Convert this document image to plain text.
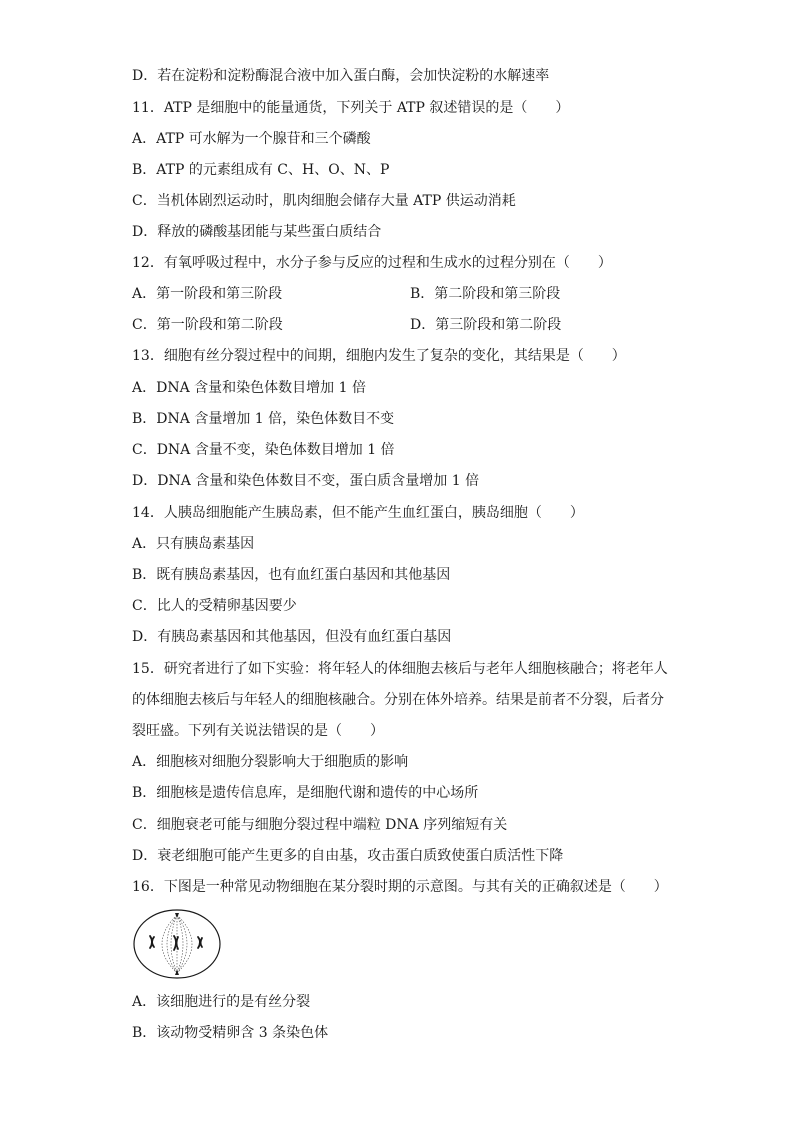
D．若在淀粉和淀粉酶混合液中加入蛋白酶，会加快淀粉的水解速率
11．ATP 是细胞中的能量通货，下列关于 ATP 叙述错误的是（　　）
A．ATP 可水解为一个腺苷和三个磷酸
B．ATP 的元素组成有 C、H、O、N、P
C．当机体剧烈运动时，肌肉细胞会储存大量 ATP 供运动消耗
D．释放的磷酸基团能与某些蛋白质结合
12．有氧呼吸过程中，水分子参与反应的过程和生成水的过程分别在（　　）
A．第一阶段和第三阶段	B．第二阶段和第三阶段
C．第一阶段和第二阶段	D．第三阶段和第二阶段
13．细胞有丝分裂过程中的间期，细胞内发生了复杂的变化，其结果是（　　）
A．DNA 含量和染色体数目增加 1 倍
B．DNA 含量增加 1 倍，染色体数目不变
C．DNA 含量不变，染色体数目增加 1 倍
D．DNA 含量和染色体数目不变，蛋白质含量增加 1 倍
14．人胰岛细胞能产生胰岛素，但不能产生血红蛋白，胰岛细胞（　　）
A．只有胰岛素基因
B．既有胰岛素基因，也有血红蛋白基因和其他基因
C．比人的受精卵基因要少
D．有胰岛素基因和其他基因，但没有血红蛋白基因
15．研究者进行了如下实验：将年轻人的体细胞去核后与老年人细胞核融合；将老年人
的体细胞去核后与年轻人的细胞核融合。分别在体外培养。结果是前者不分裂，后者分
裂旺盛。下列有关说法错误的是（　　）
A．细胞核对细胞分裂影响大于细胞质的影响
B．细胞核是遗传信息库，是细胞代谢和遗传的中心场所
C．细胞衰老可能与细胞分裂过程中端粒 DNA 序列缩短有关
D．衰老细胞可能产生更多的自由基，攻击蛋白质致使蛋白质活性下降
16．下图是一种常见动物细胞在某分裂时期的示意图。与其有关的正确叙述是（　　）
A．该细胞进行的是有丝分裂
B．该动物受精卵含 3 条染色体
